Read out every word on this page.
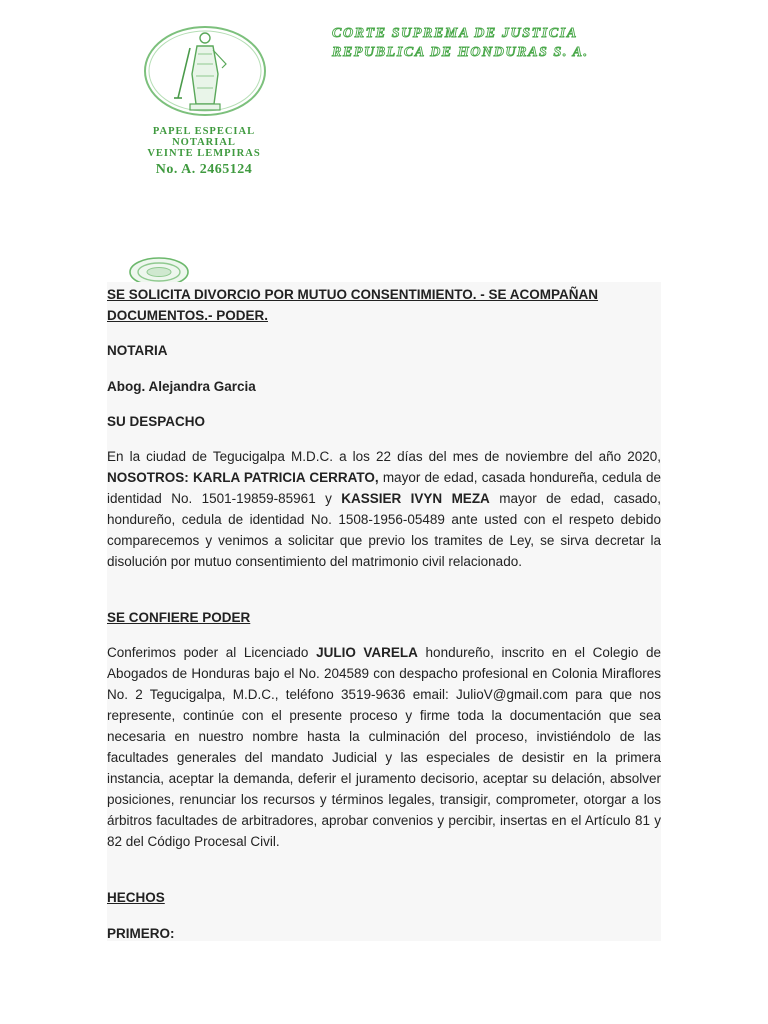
PAPEL ESPECIAL
NOTARIAL
VEINTE LEMPIRAS
No. A. 2465124
CORTE SUPREMA DE JUSTICIA
REPUBLICA DE HONDURAS S. A.

SE SOLICITA DIVORCIO POR MUTUO CONSENTIMIENTO. - SE ACOMPAÑAN
DOCUMENTOS.- PODER.

NOTARIA

Abog. Alejandra Garcia

SU DESPACHO

En la ciudad de Tegucigalpa M.D.C. a los 22 días del mes de noviembre del año 2020, NOSOTROS: KARLA PATRICIA CERRATO, mayor de edad, casada hondureña, cedula de identidad No. 1501-19859-85961 y KASSIER IVYN MEZA mayor de edad, casado, hondureño, cedula de identidad No. 1508-1956-05489 ante usted con el respeto debido comparecemos y venimos a solicitar que previo los tramites de Ley, se sirva decretar la disolución por mutuo consentimiento del matrimonio civil relacionado.

SE CONFIERE PODER

Conferimos poder al Licenciado JULIO VARELA hondureño, inscrito en el Colegio de Abogados de Honduras bajo el No. 204589 con despacho profesional en Colonia Miraflores No. 2 Tegucigalpa, M.D.C., teléfono 3519-9636 email: JulioV@gmail.com para que nos represente, continúe con el presente proceso y firme toda la documentación que sea necesaria en nuestro nombre hasta la culminación del proceso, invistiéndolo de las facultades generales del mandato Judicial y las especiales de desistir en la primera instancia, aceptar la demanda, deferir el juramento decisorio, aceptar su delación, absolver posiciones, renunciar los recursos y términos legales, transigir, comprometer, otorgar a los árbitros facultades de arbitradores, aprobar convenios y percibir, insertas en el Artículo 81 y 82 del Código Procesal Civil.

HECHOS

PRIMERO:
